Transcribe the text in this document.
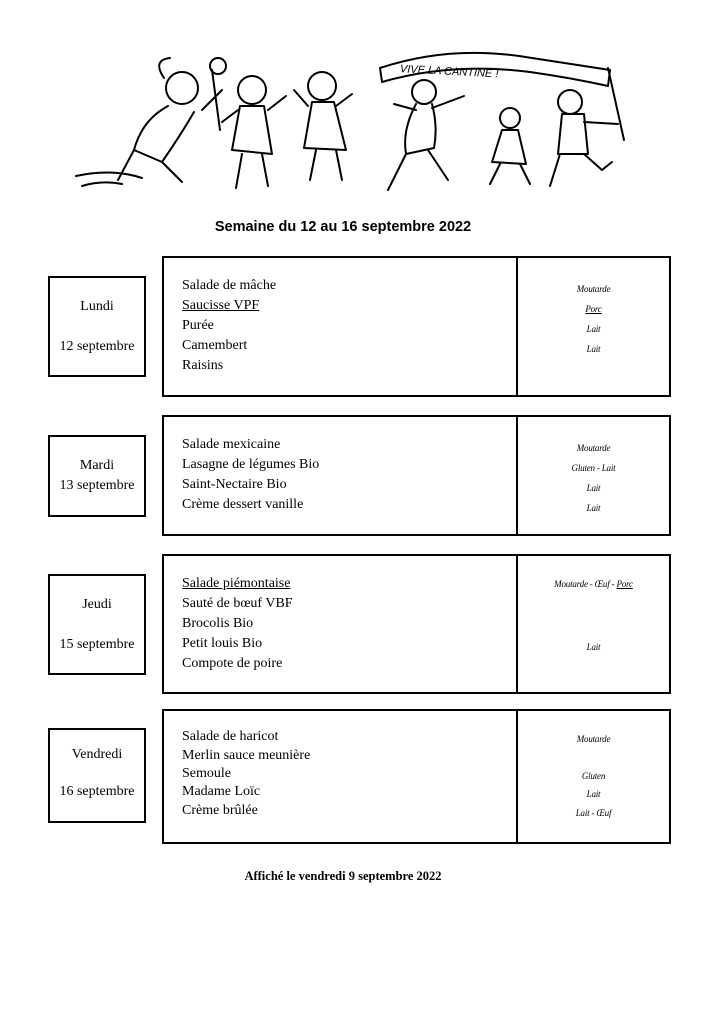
VIVE LA CANTINE !
Semaine du 12 au 16 septembre 2022
Lundi
12 septembre
Salade de mâche
Saucisse VPF
Purée
Camembert
Raisins
Moutarde
Porc
Lait
Lait
Mardi
13 septembre
Salade mexicaine
Lasagne de légumes Bio
Saint-Nectaire Bio
Crème dessert vanille
Moutarde
Gluten - Lait
Lait
Lait
Jeudi
15 septembre
Salade piémontaise
Sauté de bœuf VBF
Brocolis Bio
Petit louis Bio
Compote de poire
Moutarde - Œuf - Porc
Lait
Vendredi
16 septembre
Salade de haricot
Merlin sauce meunière
Semoule
Madame Loïc
Crème brûlée
Moutarde
Gluten
Lait
Lait - Œuf
Affiché le vendredi 9 septembre 2022
